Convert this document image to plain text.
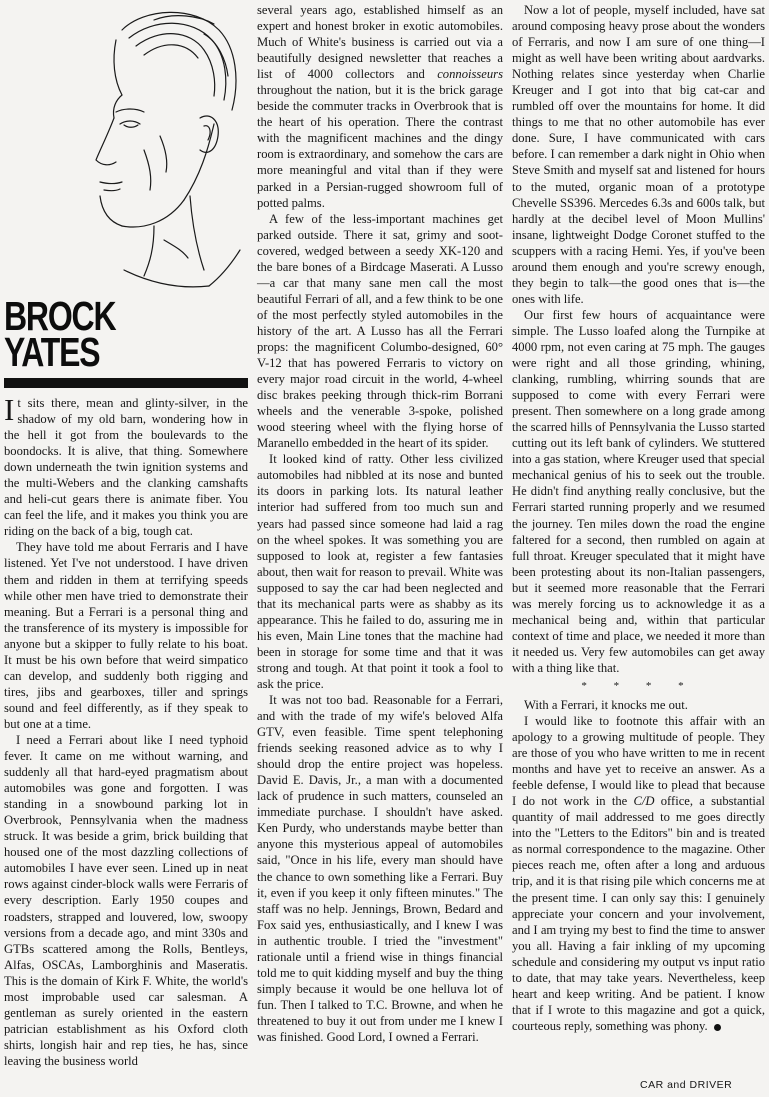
BROCK
YATES

It sits there, mean and glinty-silver, in the shadow of my old barn, wondering how in the hell it got from the boulevards to the boondocks. It is alive, that thing. Somewhere down underneath the twin ignition systems and the multi-Webers and the clanking camshafts and heli-cut gears there is animate fiber. You can feel the life, and it makes you think you are riding on the back of a big, tough cat.

They have told me about Ferraris and I have listened. Yet I've not understood. I have driven them and ridden in them at terrifying speeds while other men have tried to demonstrate their meaning. But a Ferrari is a personal thing and the transference of its mystery is impossible for anyone but a skipper to fully relate to his boat. It must be his own before that weird simpatico can develop, and suddenly both rigging and tires, jibs and gearboxes, tiller and springs sound and feel differently, as if they speak to but one at a time.

I need a Ferrari about like I need typhoid fever. It came on me without warning, and suddenly all that hard-eyed pragmatism about automobiles was gone and forgotten. I was standing in a snowbound parking lot in Overbrook, Pennsylvania when the madness struck. It was beside a grim, brick building that housed one of the most dazzling collections of automobiles I have ever seen. Lined up in neat rows against cinder-block walls were Ferraris of every description. Early 1950 coupes and roadsters, strapped and louvered, low, swoopy versions from a decade ago, and mint 330s and GTBs scattered among the Rolls, Bentleys, Alfas, OSCAs, Lamborghinis and Maseratis. This is the domain of Kirk F. White, the world's most improbable used car salesman. A gentleman as surely oriented in the eastern patrician establishment as his Oxford cloth shirts, longish hair and rep ties, he has, since leaving the business world

several years ago, established himself as an expert and honest broker in exotic automobiles. Much of White's business is carried out via a beautifully designed newsletter that reaches a list of 4000 collectors and connoisseurs throughout the nation, but it is the brick garage beside the commuter tracks in Overbrook that is the heart of his operation. There the contrast with the magnificent machines and the dingy room is extraordinary, and somehow the cars are more meaningful and vital than if they were parked in a Persian-rugged showroom full of potted palms.

A few of the less-important machines get parked outside. There it sat, grimy and soot-covered, wedged between a seedy XK-120 and the bare bones of a Birdcage Maserati. A Lusso—a car that many sane men call the most beautiful Ferrari of all, and a few think to be one of the most perfectly styled automobiles in the history of the art. A Lusso has all the Ferrari props: the magnificent Columbo-designed, 60° V-12 that has powered Ferraris to victory on every major road circuit in the world, 4-wheel disc brakes peeking through thick-rim Borrani wheels and the venerable 3-spoke, polished wood steering wheel with the flying horse of Maranello embedded in the heart of its spider.

It looked kind of ratty. Other less civilized automobiles had nibbled at its nose and bunted its doors in parking lots. Its natural leather interior had suffered from too much sun and years had passed since someone had laid a rag on the wheel spokes. It was something you are supposed to look at, register a few fantasies about, then wait for reason to prevail. White was supposed to say the car had been neglected and that its mechanical parts were as shabby as its appearance. This he failed to do, assuring me in his even, Main Line tones that the machine had been in storage for some time and that it was strong and tough. At that point it took a fool to ask the price.

It was not too bad. Reasonable for a Ferrari, and with the trade of my wife's beloved Alfa GTV, even feasible. Time spent telephoning friends seeking reasoned advice as to why I should drop the entire project was hopeless. David E. Davis, Jr., a man with a documented lack of prudence in such matters, counseled an immediate purchase. I shouldn't have asked. Ken Purdy, who understands maybe better than anyone this mysterious appeal of automobiles said, "Once in his life, every man should have the chance to own something like a Ferrari. Buy it, even if you keep it only fifteen minutes." The staff was no help. Jennings, Brown, Bedard and Fox said yes, enthusiastically, and I knew I was in authentic trouble. I tried the "investment" rationale until a friend wise in things financial told me to quit kidding myself and buy the thing simply because it would be one helluva lot of fun. Then I talked to T.C. Browne, and when he threatened to buy it out from under me I knew I was finished. Good Lord, I owned a Ferrari.

Now a lot of people, myself included, have sat around composing heavy prose about the wonders of Ferraris, and now I am sure of one thing—I might as well have been writing about aardvarks. Nothing relates since yesterday when Charlie Kreuger and I got into that big cat-car and rumbled off over the mountains for home. It did things to me that no other automobile has ever done. Sure, I have communicated with cars before. I can remember a dark night in Ohio when Steve Smith and myself sat and listened for hours to the muted, organic moan of a prototype Chevelle SS396. Mercedes 6.3s and 600s talk, but hardly at the decibel level of Moon Mullins' insane, lightweight Dodge Coronet stuffed to the scuppers with a racing Hemi. Yes, if you've been around them enough and you're screwy enough, they begin to talk—the good ones that is—the ones with life.

Our first few hours of acquaintance were simple. The Lusso loafed along the Turnpike at 4000 rpm, not even caring at 75 mph. The gauges were right and all those grinding, whining, clanking, rumbling, whirring sounds that are supposed to come with every Ferrari were present. Then somewhere on a long grade among the scarred hills of Pennsylvania the Lusso started cutting out its left bank of cylinders. We stuttered into a gas station, where Kreuger used that special mechanical genius of his to seek out the trouble. He didn't find anything really conclusive, but the Ferrari started running properly and we resumed the journey. Ten miles down the road the engine faltered for a second, then rumbled on again at full throat. Kreuger speculated that it might have been protesting about its non-Italian passengers, but it seemed more reasonable that the Ferrari was merely forcing us to acknowledge it as a mechanical being and, within that particular context of time and place, we needed it more than it needed us. Very few automobiles can get away with a thing like that.

* * * *

With a Ferrari, it knocks me out.

I would like to footnote this affair with an apology to a growing multitude of people. They are those of you who have written to me in recent months and have yet to receive an answer. As a feeble defense, I would like to plead that because I do not work in the C/D office, a substantial quantity of mail addressed to me goes directly into the "Letters to the Editors" bin and is treated as normal correspondence to the magazine. Other pieces reach me, often after a long and arduous trip, and it is that rising pile which concerns me at the present time. I can only say this: I genuinely appreciate your concern and your involvement, and I am trying my best to find the time to answer you all. Having a fair inkling of my upcoming schedule and considering my output vs input ratio to date, that may take years. Nevertheless, keep heart and keep writing. And be patient. I know that if I wrote to this magazine and got a quick, courteous reply, something was phony.

CAR and DRIVER
